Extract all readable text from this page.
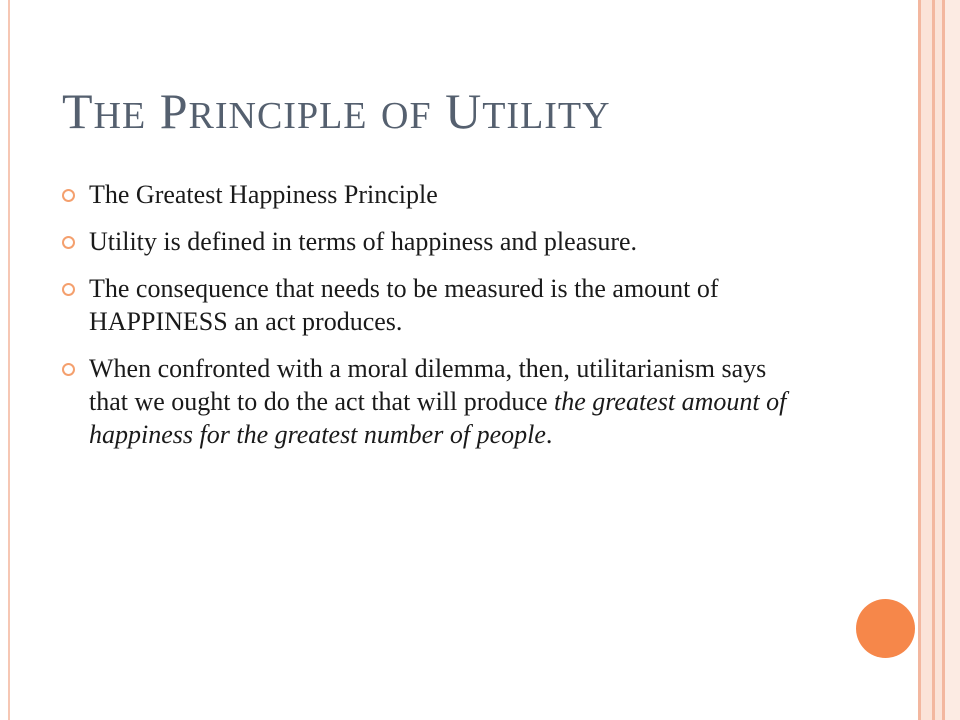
THE PRINCIPLE OF UTILITY
The Greatest Happiness Principle
Utility is defined in terms of happiness and pleasure.
The consequence that needs to be measured is the amount of HAPPINESS an act produces.
When confronted with a moral dilemma, then, utilitarianism says that we ought to do the act that will produce the greatest amount of happiness for the greatest number of people.
